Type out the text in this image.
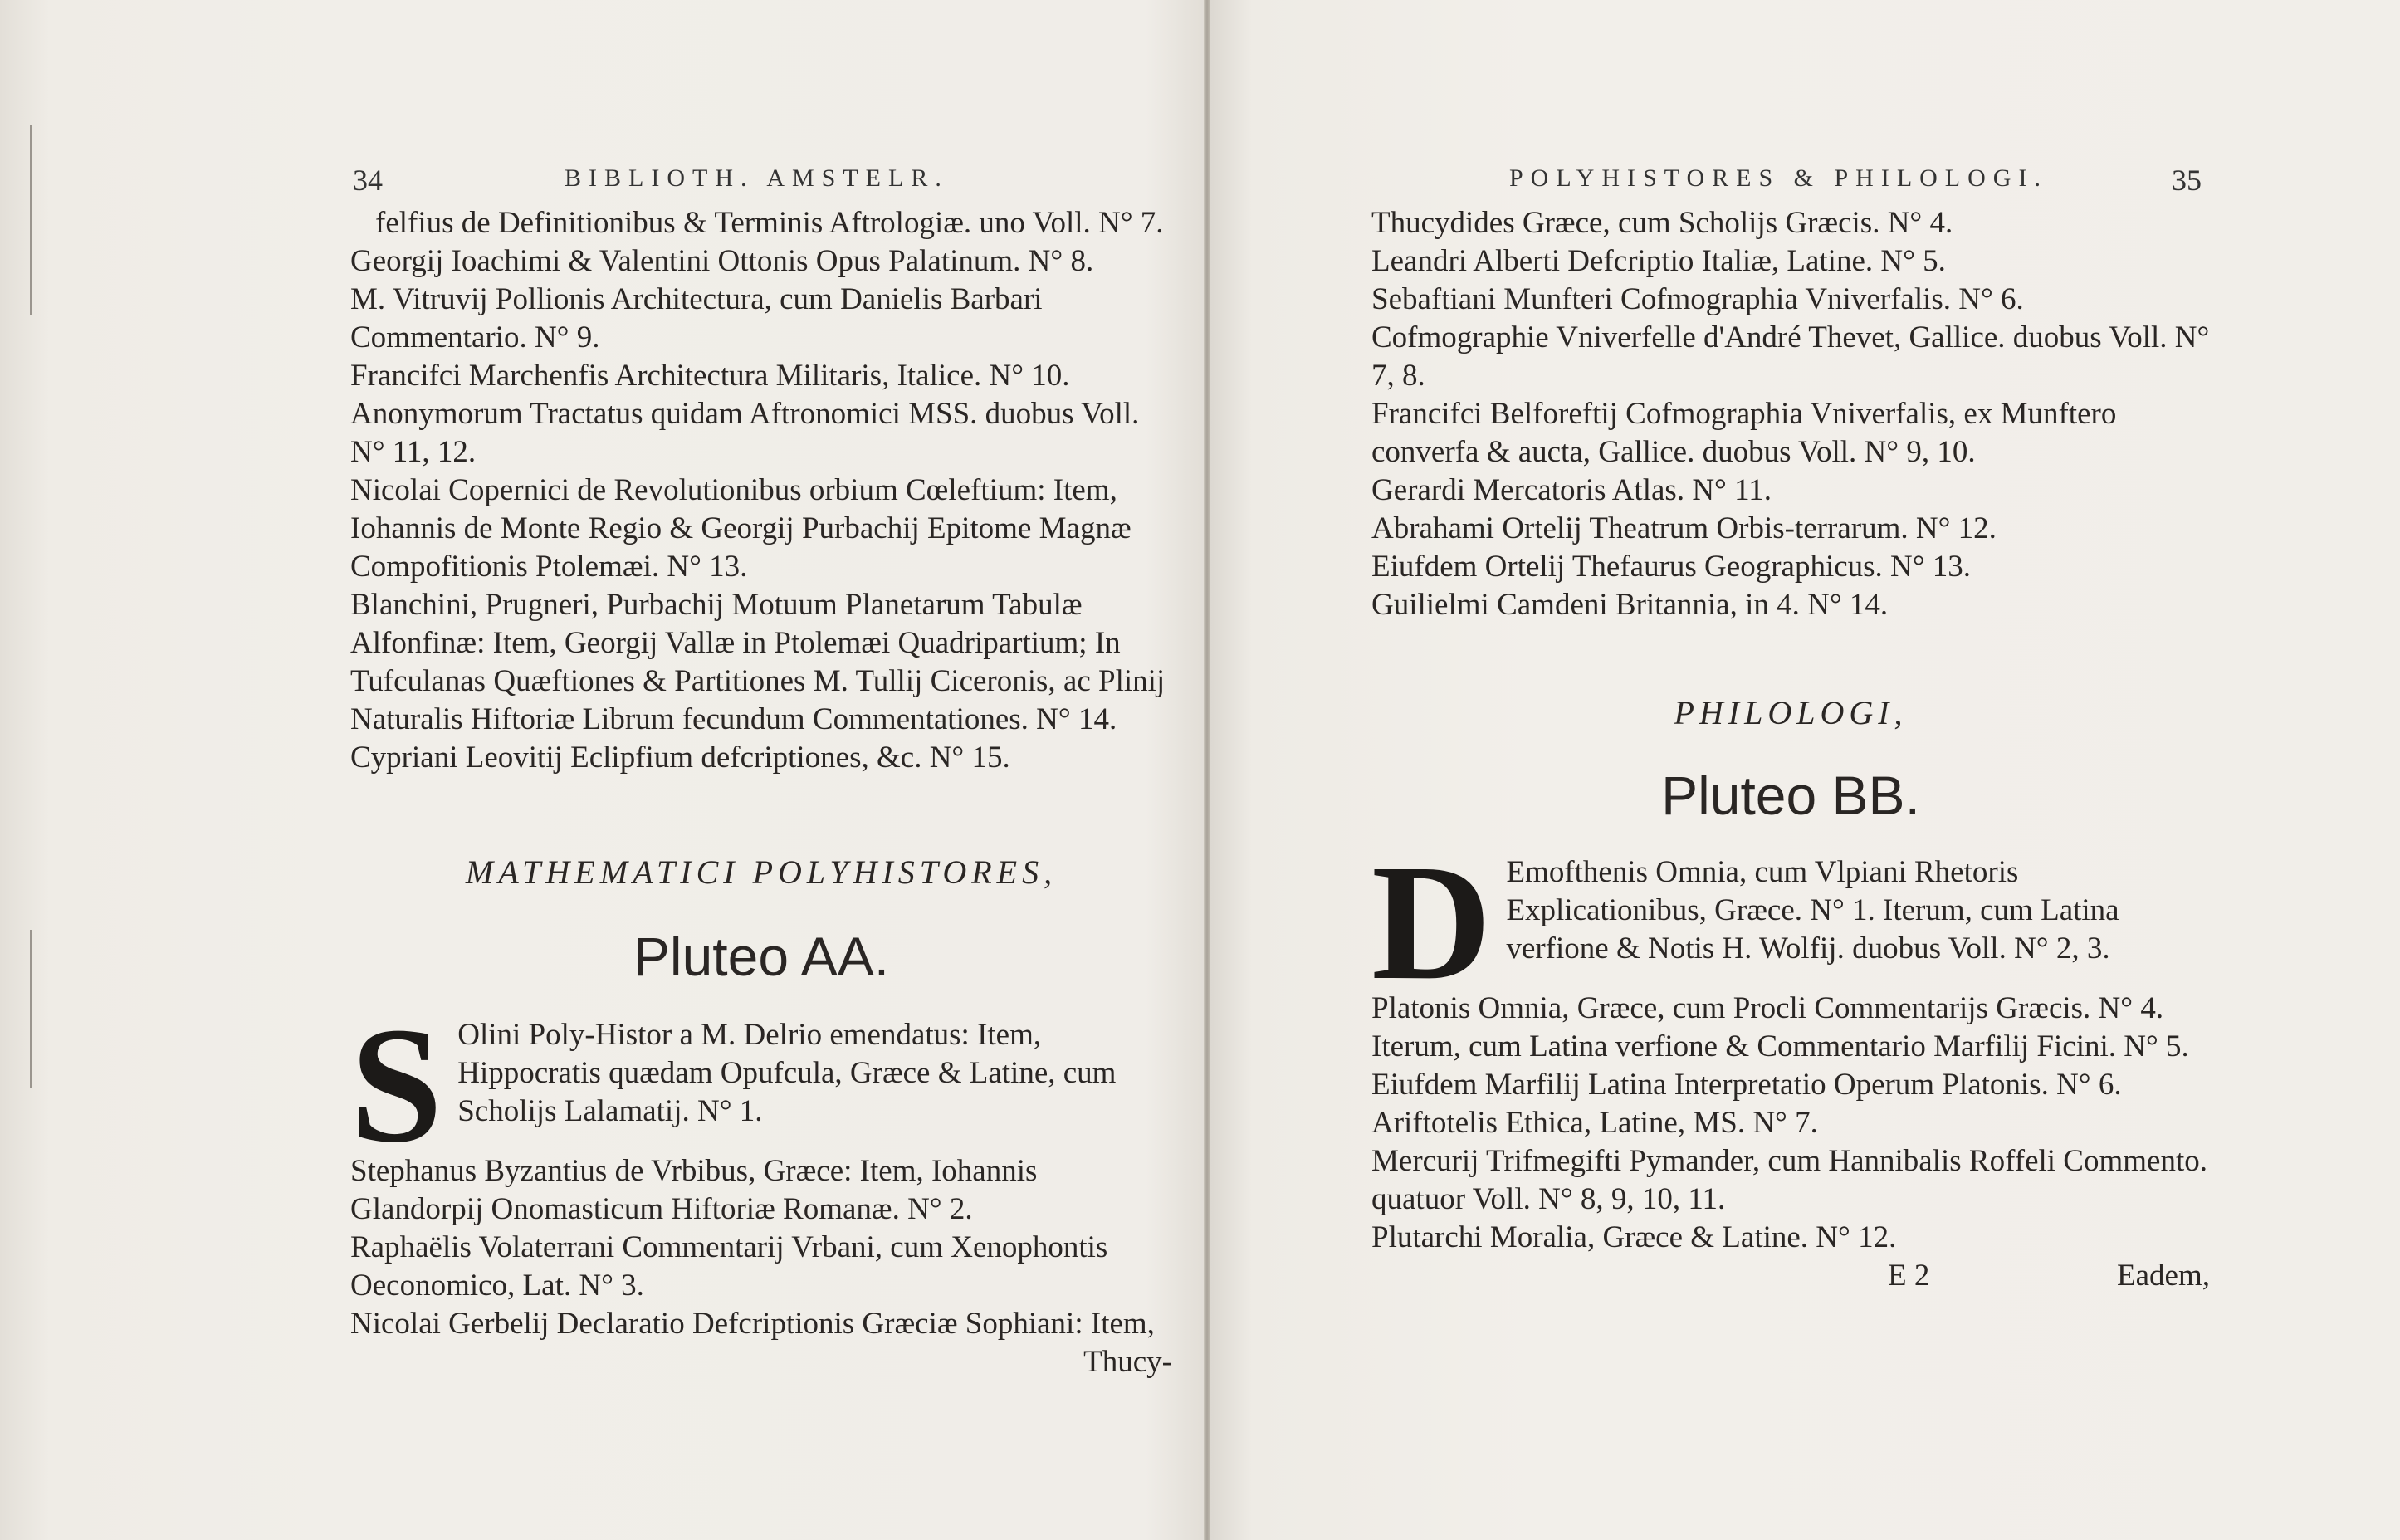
34	BIBLIOTH. AMSTELR.

felfius de Definitionibus & Terminis Aftrologiæ. uno Voll. N° 7.

Georgij Ioachimi & Valentini Ottonis Opus Palatinum. N° 8.

M. Vitruvij Pollionis Architectura, cum Danielis Barbari Commentario. N° 9.

Francifci Marchenfis Architectura Militaris, Italice. N° 10.

Anonymorum Tractatus quidam Aftronomici MSS. duobus Voll. N° 11, 12.

Nicolai Copernici de Revolutionibus orbium Cœleftium: Item, Iohannis de Monte Regio & Georgij Purbachij Epitome Magnæ Compofitionis Ptolemæi. N° 13.

Blanchini, Prugneri, Purbachij Motuum Planetarum Tabulæ Alfonfinæ: Item, Georgij Vallæ in Ptolemæi Quadripartium; In Tufculanas Quæftiones & Partitiones M. Tullij Ciceronis, ac Plinij Naturalis Hiftoriæ Librum fecundum Commentationes. N° 14.

Cypriani Leovitij Eclipfium defcriptiones, &c. N° 15.

MATHEMATICI POLYHISTORES,

Pluteo AA.

S Olini Poly-Histor a M. Delrio emendatus: Item, Hippocratis quædam Opufcula, Græce & Latine, cum Scholijs Lalamatij. N° 1.

Stephanus Byzantius de Vrbibus, Græce: Item, Iohannis Glandorpij Onomasticum Hiftoriæ Romanæ. N° 2.

Raphaëlis Volaterrani Commentarij Vrbani, cum Xenophontis Oeconomico, Lat. N° 3.

Nicolai Gerbelij Declaratio Defcriptionis Græciæ Sophiani: Item,

Thucy-

POLYHISTORES & PHILOLOGI.	35

Thucydides Græce, cum Scholijs Græcis. N° 4.

Leandri Alberti Defcriptio Italiæ, Latine. N° 5.

Sebaftiani Munfteri Cofmographia Vniverfalis. N° 6.

Cofmographie Vniverfelle d'André Thevet, Gallice. duobus Voll. N° 7, 8.

Francifci Belforeftij Cofmographia Vniverfalis, ex Munftero converfa & aucta, Gallice. duobus Voll. N° 9, 10.

Gerardi Mercatoris Atlas. N° 11.

Abrahami Ortelij Theatrum Orbis-terrarum. N° 12.

Eiufdem Ortelij Thefaurus Geographicus. N° 13.

Guilielmi Camdeni Britannia, in 4. N° 14.

PHILOLOGI,

Pluteo BB.

D Emofthenis Omnia, cum Vlpiani Rhetoris Explicationibus, Græce. N° 1. Iterum, cum Latina verfione & Notis H. Wolfij. duobus Voll. N° 2, 3.

Platonis Omnia, Græce, cum Procli Commentarijs Græcis. N° 4.

Iterum, cum Latina verfione & Commentario Marfilij Ficini. N° 5.

Eiufdem Marfilij Latina Interpretatio Operum Platonis. N° 6.

Ariftotelis Ethica, Latine, MS. N° 7.

Mercurij Trifmegifti Pymander, cum Hannibalis Roffeli Commento. quatuor Voll. N° 8, 9, 10, 11.

Plutarchi Moralia, Græce & Latine. N° 12.

E 2	Eadem,
